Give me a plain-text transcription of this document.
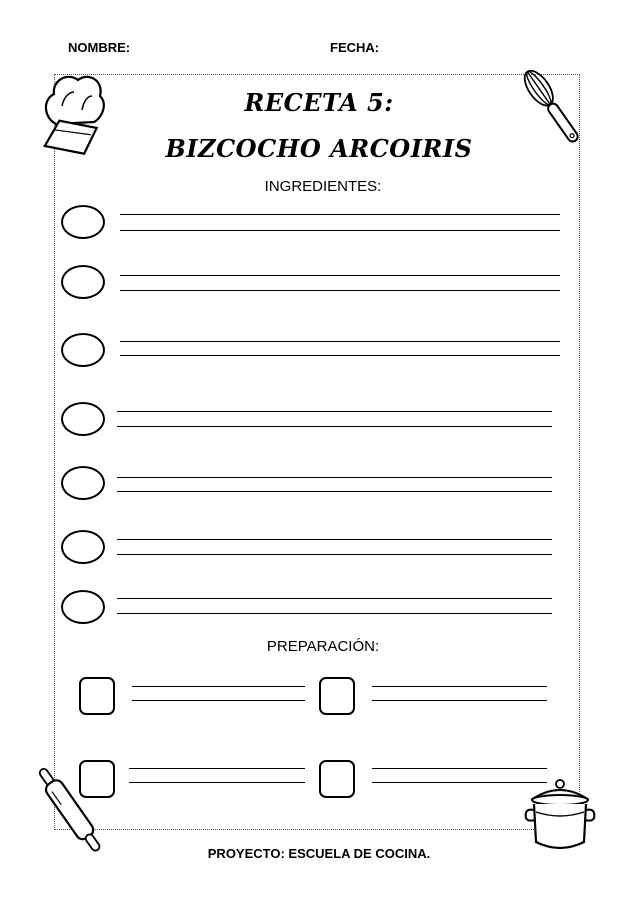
NOMBRE:	FECHA:
RECETA 5:
BIZCOCHO ARCOIRIS
INGREDIENTES:
PREPARACIÓN:
PROYECTO: ESCUELA DE COCINA.
